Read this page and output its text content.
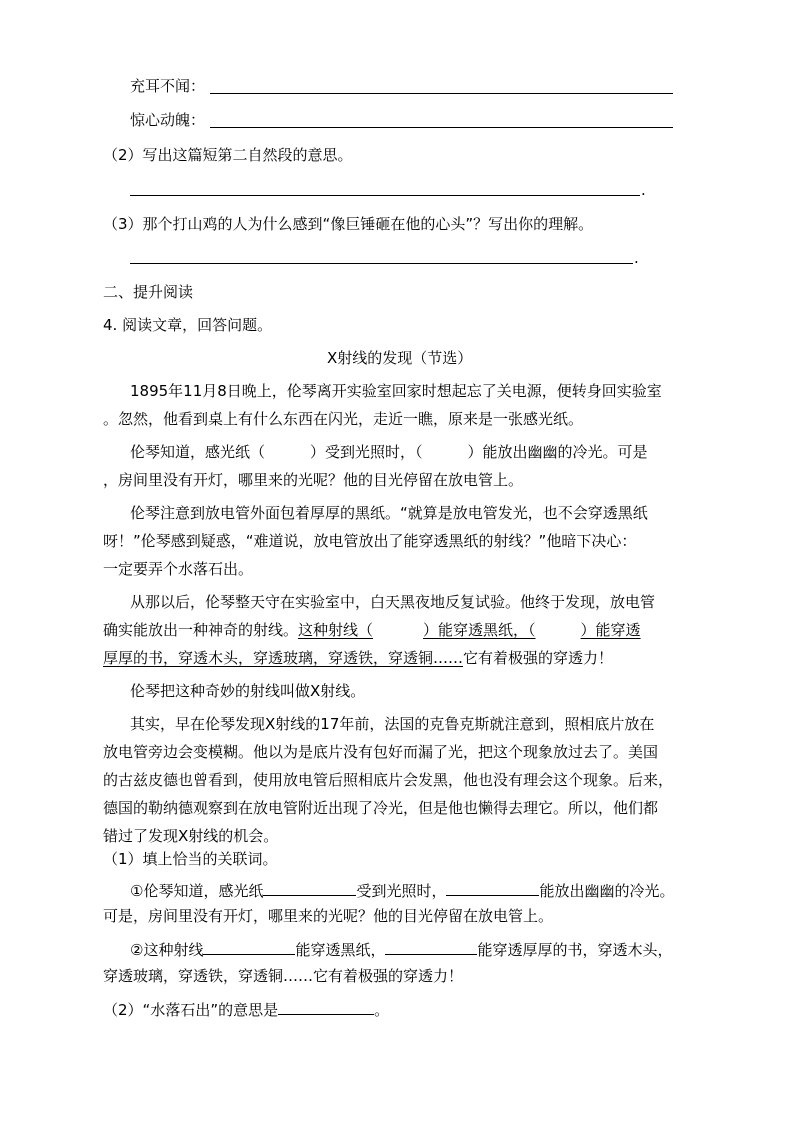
充耳不闻：
惊心动魄：
（2）写出这篇短第二自然段的意思。
.
（3）那个打山鸡的人为什么感到“像巨锤砸在他的心头”？写出你的理解。
.
二、提升阅读
4. 阅读文章，回答问题。
X射线的发现（节选）
1895年11月8日晚上，伦琴离开实验室回家时想起忘了关电源，便转身回实验室
。忽然，他看到桌上有什么东西在闪光，走近一瞧，原来是一张感光纸。
伦琴知道，感光纸（	）受到光照时，（	）能放出幽幽的冷光。可是
，房间里没有开灯，哪里来的光呢？他的目光停留在放电管上。
伦琴注意到放电管外面包着厚厚的黑纸。“就算是放电管发光，也不会穿透黑纸
呀！”伦琴感到疑惑，“难道说，放电管放出了能穿透黑纸的射线？”他暗下决心：
一定要弄个水落石出。
从那以后，伦琴整天守在实验室中，白天黑夜地反复试验。他终于发现，放电管
确实能放出一种神奇的射线。这种射线（	）能穿透黑纸，（	）能穿透
厚厚的书，穿透木头，穿透玻璃，穿透铁，穿透铜……它有着极强的穿透力！
伦琴把这种奇妙的射线叫做X射线。
其实，早在伦琴发现X射线的17年前，法国的克鲁克斯就注意到，照相底片放在
放电管旁边会变模糊。他以为是底片没有包好而漏了光，把这个现象放过去了。美国
的古兹皮德也曾看到，使用放电管后照相底片会发黑，他也没有理会这个现象。后来，
德国的勒纳德观察到在放电管附近出现了冷光，但是他也懒得去理它。所以，他们都
错过了发现X射线的机会。
（1）填上恰当的关联词。
①伦琴知道，感光纸	受到光照时，	能放出幽幽的冷光。
可是，房间里没有开灯，哪里来的光呢？他的目光停留在放电管上。
②这种射线	能穿透黑纸，	能穿透厚厚的书，穿透木头，
穿透玻璃，穿透铁，穿透铜……它有着极强的穿透力！
（2）“水落石出”的意思是	。
